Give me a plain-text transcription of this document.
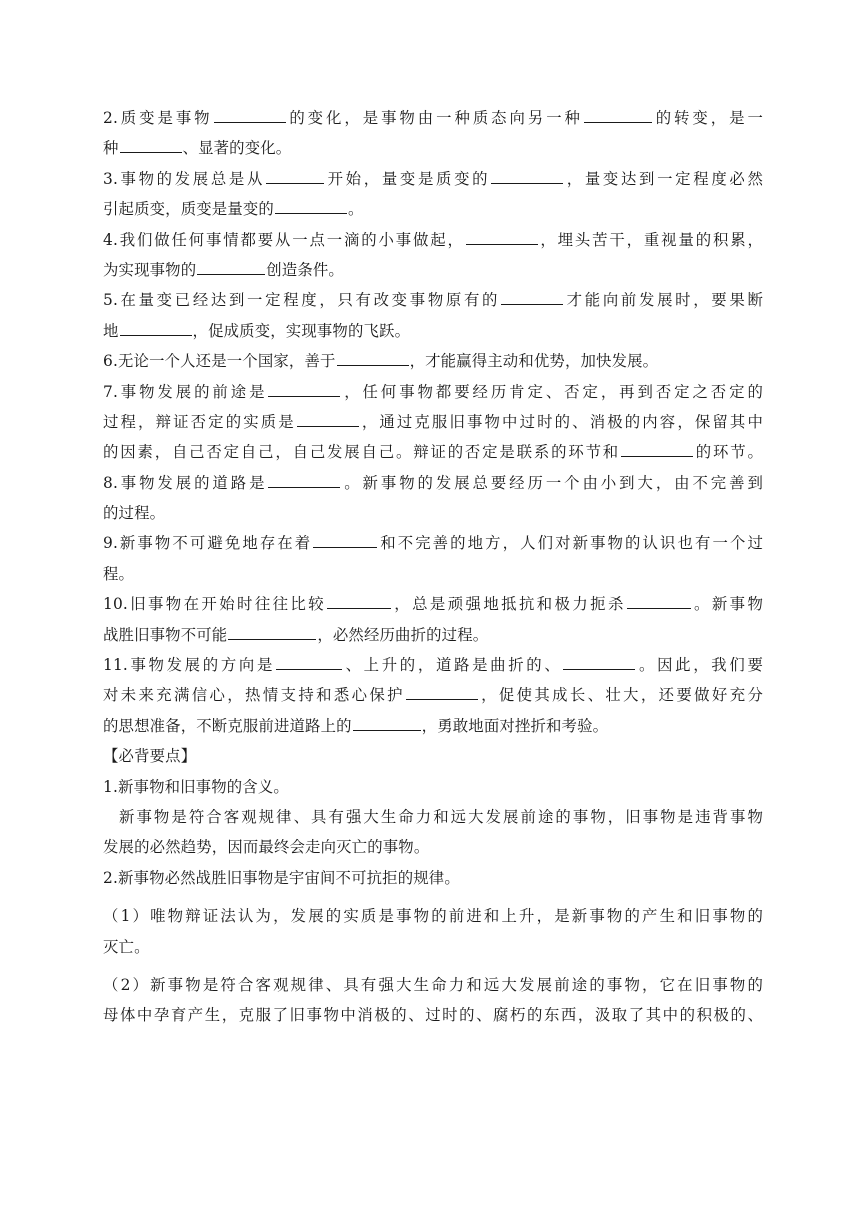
2.质变是事物	的变化，是事物由一种质态向另一种	的转变，是一
种	、显著的变化。
3.事物的发展总是从	开始，量变是质变的	，量变达到一定程度必然
引起质变，质变是量变的	。
4.我们做任何事情都要从一点一滴的小事做起，	，埋头苦干，重视量的积累，
为实现事物的	创造条件。
5.在量变已经达到一定程度，只有改变事物原有的	才能向前发展时，要果断
地	，促成质变，实现事物的飞跃。
6.无论一个人还是一个国家，善于	，才能赢得主动和优势，加快发展。
7.事物发展的前途是	，任何事物都要经历肯定、否定，再到否定之否定的
过程，辩证否定的实质是	，通过克服旧事物中过时的、消极的内容，保留其中
的因素，自己否定自己，自己发展自己。辩证的否定是联系的环节和	的环节。
8.事物发展的道路是	。新事物的发展总要经历一个由小到大，由不完善到
的过程。
9.新事物不可避免地存在着	和不完善的地方，人们对新事物的认识也有一个过
程。
10.旧事物在开始时往往比较	，总是顽强地抵抗和极力扼杀	。新事物
战胜旧事物不可能	，必然经历曲折的过程。
11.事物发展的方向是	、上升的，道路是曲折的、	。因此，我们要
对未来充满信心，热情支持和悉心保护	，促使其成长、壮大，还要做好充分
的思想准备，不断克服前进道路上的	，勇敢地面对挫折和考验。
【必背要点】
1.新事物和旧事物的含义。
新事物是符合客观规律、具有强大生命力和远大发展前途的事物，旧事物是违背事物
发展的必然趋势，因而最终会走向灭亡的事物。
2.新事物必然战胜旧事物是宇宙间不可抗拒的规律。
（1）唯物辩证法认为，发展的实质是事物的前进和上升，是新事物的产生和旧事物的
灭亡。
（2）新事物是符合客观规律、具有强大生命力和远大发展前途的事物，它在旧事物的
母体中孕育产生，克服了旧事物中消极的、过时的、腐朽的东西，汲取了其中的积极的、
